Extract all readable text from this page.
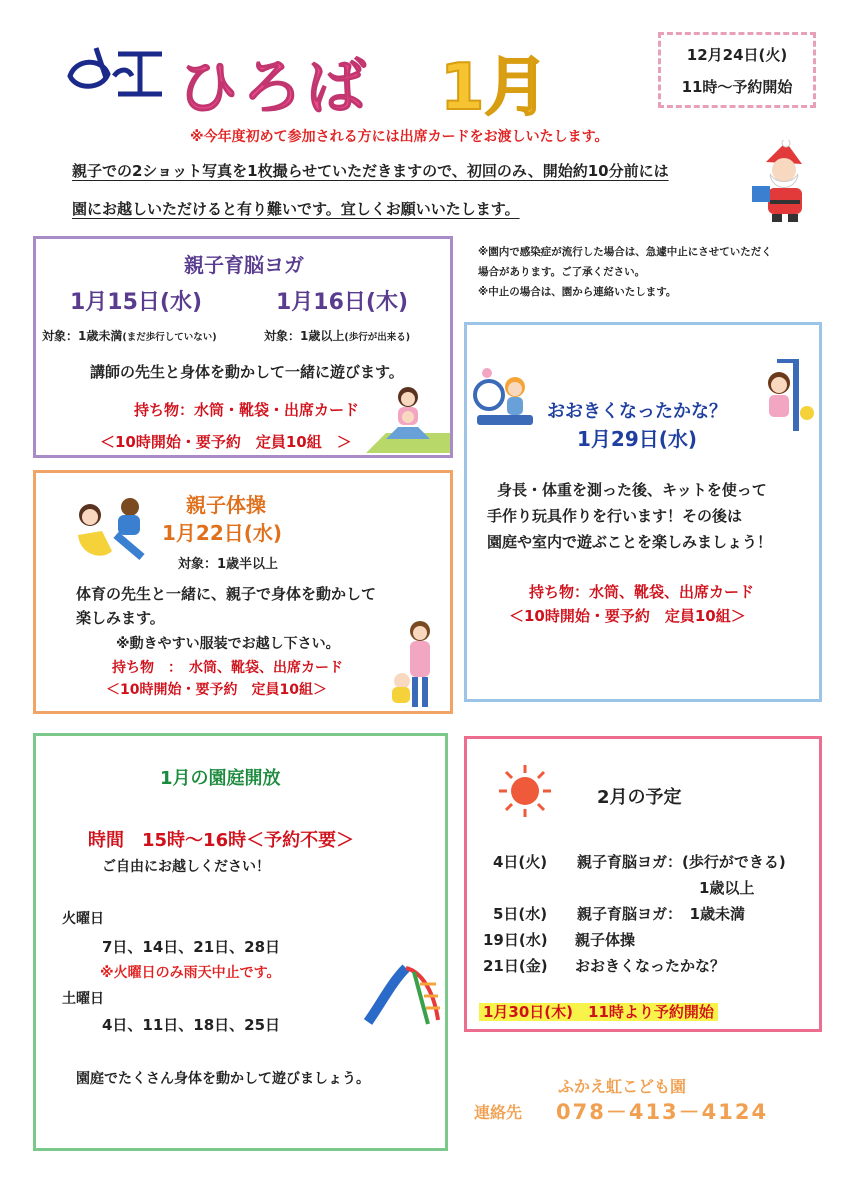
ひろば 1月	12月24日(火)
11時～予約開始
※今年度初めて参加される方には出席カードをお渡しいたします。
親子での2ショット写真を1枚撮らせていただきますので、初回のみ、開始約10分前には
園にお越しいただけると有り難いです。宜しくお願いいたします。
※園内で感染症が流行した場合は、急遽中止にさせていただく
場合があります。ご了承ください。
※中止の場合は、園から連絡いたします。
親子育脳ヨガ
1月15日(水)	1月16日(木)
対象：1歳未満(まだ歩行していない)	対象：1歳以上(歩行が出来る)
講師の先生と身体を動かして一緒に遊びます。
持ち物：水筒・靴袋・出席カード
＜10時開始・要予約　定員10組　＞
親子体操
1月22日(水)
対象：1歳半以上
体育の先生と一緒に、親子で身体を動かして
楽しみます。
※動きやすい服装でお越し下さい。
持ち物　：　水筒、靴袋、出席カード
＜10時開始・要予約　定員10組＞
おおきくなったかな？
1月29日(水)
身長・体重を測った後、キットを使って
手作り玩具作りを行います！その後は
園庭や室内で遊ぶことを楽しみましょう！
持ち物：水筒、靴袋、出席カード
＜10時開始・要予約　定員10組＞
1月の園庭開放
時間　15時～16時＜予約不要＞
ご自由にお越しください！
火曜日
7日、14日、21日、28日
※火曜日のみ雨天中止です。
土曜日
4日、11日、18日、25日
園庭でたくさん身体を動かして遊びましょう。
2月の予定
4日(火) 親子育脳ヨガ：(歩行ができる)
1歳以上
5日(水) 親子育脳ヨガ：　1歳未満
19日(水) 親子体操
21日(金) おおきくなったかな？
1月30日(木)　11時より予約開始
ふかえ虹こども園
連絡先 078－413－4124
